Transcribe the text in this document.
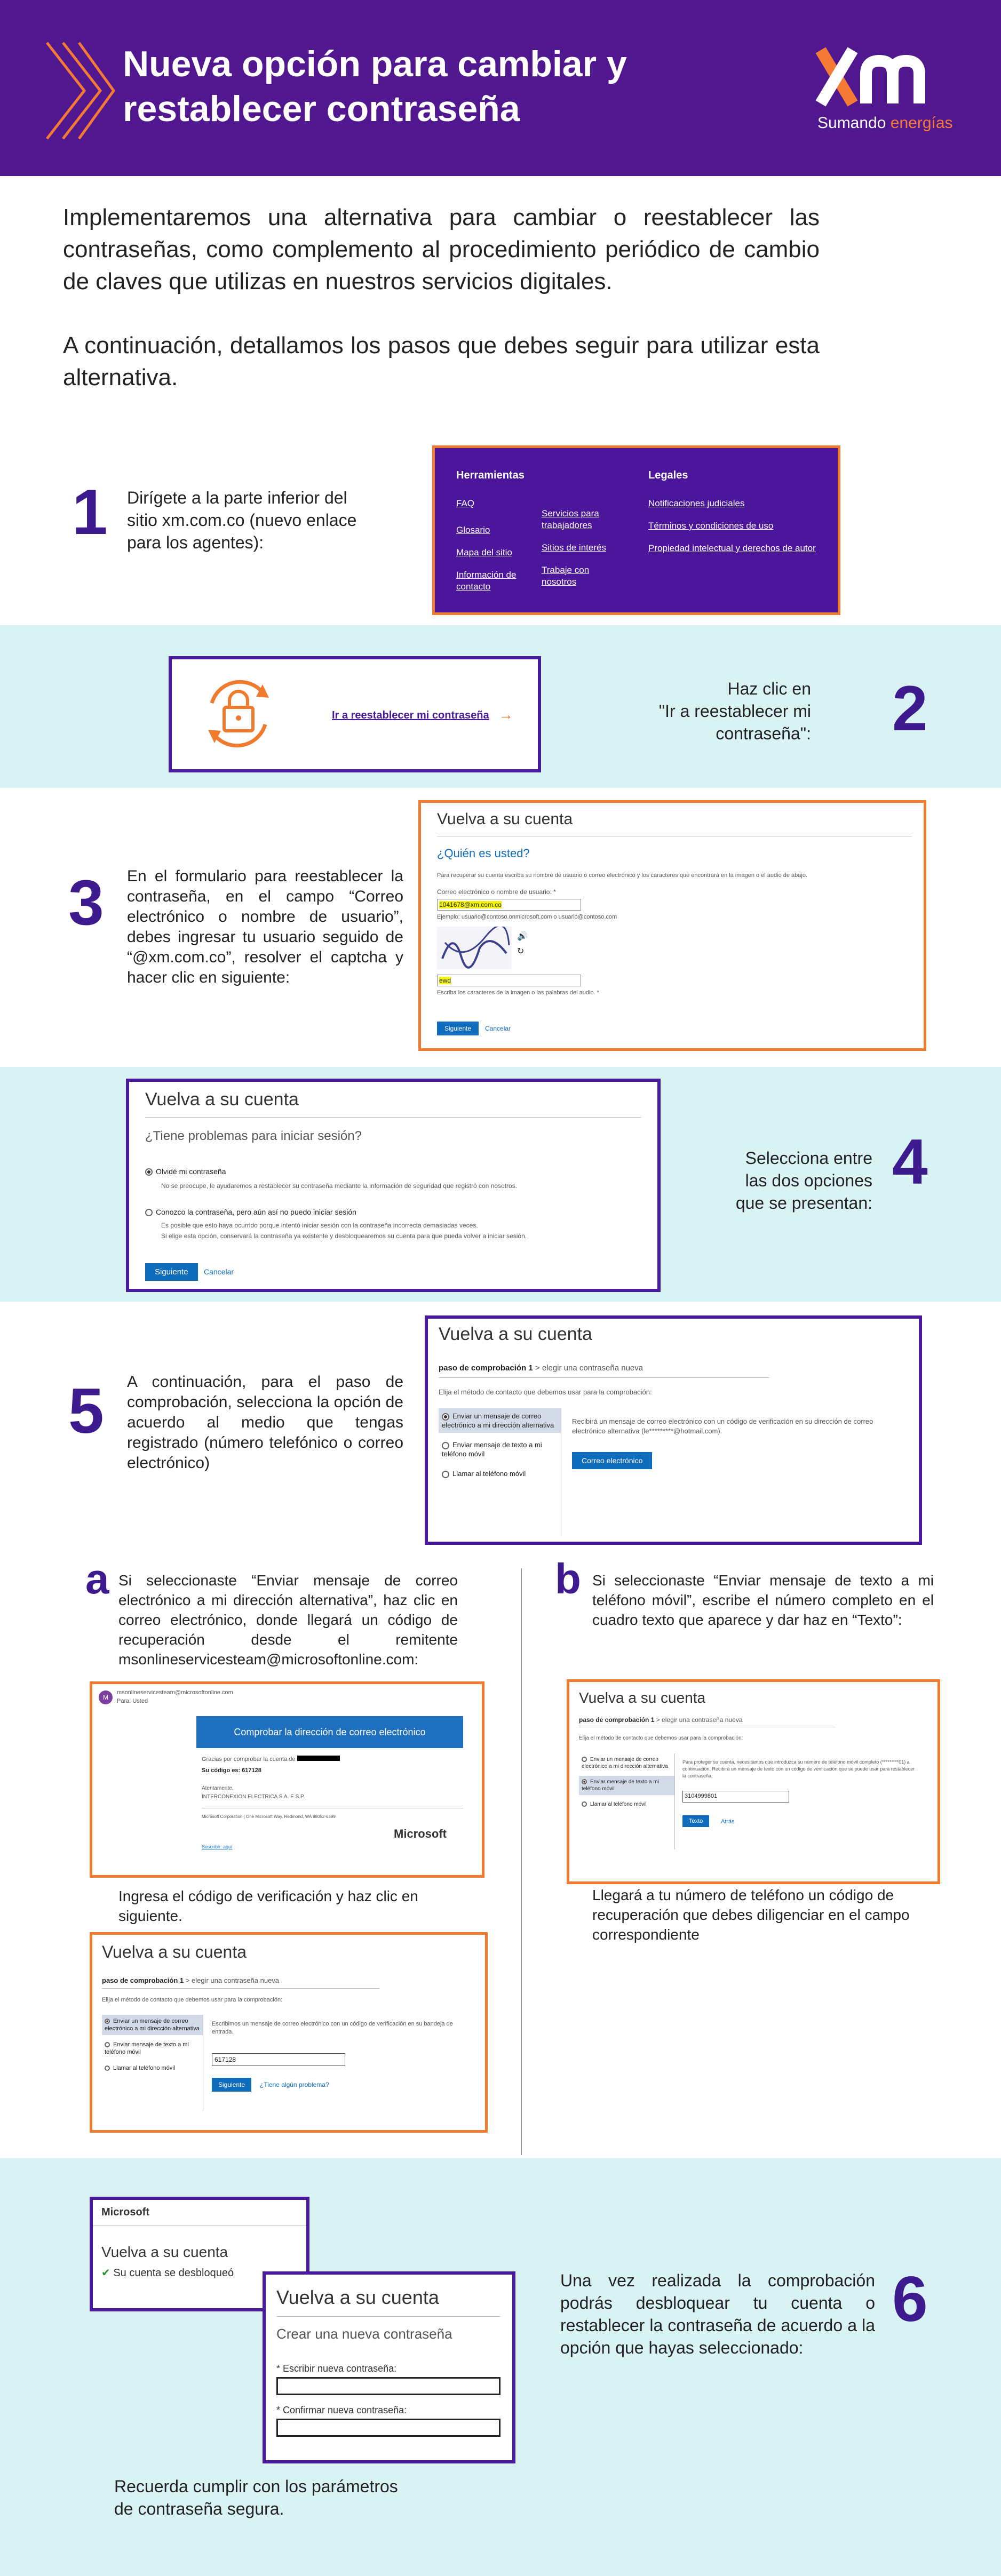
Nueva opción para cambiar y
restablecer contraseña	Sumando energías

Implementaremos una alternativa para cambiar o reestablecer las contraseñas, como complemento al procedimiento periódico de cambio de claves que utilizas en nuestros servicios digitales.

A continuación, detallamos los pasos que debes seguir para utilizar esta alternativa.

1 Dirígete a la parte inferior del sitio xm.com.co (nuevo enlace para los agentes):
Herramientas
FAQ
Glosario
Mapa del sitio
Información de contacto
Servicios para trabajadores
Sitios de interés
Trabaje con nosotros
Legales
Notificaciones judiciales
Términos y condiciones de uso
Propiedad intelectual y derechos de autor
Ir a reestablecer mi contraseña →
Haz clic en
"Ir a reestablecer mi contraseña": 2
3 En el formulario para reestablecer la contraseña, en el campo “Correo electrónico o nombre de usuario”, debes ingresar tu usuario seguido de “@xm.com.co”, resolver el captcha y hacer clic en siguiente:
Vuelva a su cuenta
¿Quién es usted?
Para recuperar su cuenta escriba su nombre de usuario o correo electrónico y los caracteres que encontrará en la imagen o el audio de abajo.
Correo electrónico o nombre de usuario: *
1041678@xm.com.co
Ejemplo: usuario@contoso.onmicrosoft.com o usuario@contoso.com
🔊
↻
ewd
Escriba los caracteres de la imagen o las palabras del audio. *
Siguiente	Cancelar
Vuelva a su cuenta
¿Tiene problemas para iniciar sesión?
Olvidé mi contraseña
No se preocupe, le ayudaremos a restablecer su contraseña mediante la información de seguridad que registró con nosotros.
Conozco la contraseña, pero aún así no puedo iniciar sesión
Es posible que esto haya ocurrido porque intentó iniciar sesión con la contraseña incorrecta demasiadas veces.
Si elige esta opción, conservará la contraseña ya existente y desbloquearemos su cuenta para que pueda volver a iniciar sesión.
Siguiente	Cancelar
Selecciona entre
las dos opciones
que se presentan:
4
5 A continuación, para el paso de comprobación, selecciona la opción de acuerdo al medio que tengas registrado (número telefónico o correo electrónico)
Vuelva a su cuenta
paso de comprobación 1 > elegir una contraseña nueva
Elija el método de contacto que debemos usar para la comprobación:
Enviar un mensaje de correo electrónico a mi dirección alternativa
Enviar mensaje de texto a mi teléfono móvil
Llamar al teléfono móvil
Recibirá un mensaje de correo electrónico con un código de verificación en su dirección de correo electrónico alternativa (le*********@hotmail.com).
Correo electrónico
a Si seleccionaste “Enviar mensaje de correo electrónico a mi dirección alternativa”, haz clic en correo electrónico, donde llegará un código de recuperación desde el remitente msonlineservicesteam@microsoftonline.com:
M
msonlineservicesteam@microsoftonline.com
Para: Usted
Comprobar la dirección de correo electrónico
Gracias por comprobar la cuenta de
Su código es: 617128
Atentamente,
INTERCONEXION ELECTRICA S.A. E.S.P.
Microsoft Corporation | One Microsoft Way, Redmond, WA 98052-6399
Microsoft
Suscribir: aquí
Ingresa el código de verificación y haz clic en siguiente.
Vuelva a su cuenta
paso de comprobación 1 > elegir una contraseña nueva
Elija el método de contacto que debemos usar para la comprobación:
Enviar un mensaje de correo electrónico a mi dirección alternativa
Enviar mensaje de texto a mi teléfono móvil
Llamar al teléfono móvil
Escribimos un mensaje de correo electrónico con un código de verificación en su bandeja de entrada.
617128
Siguiente	¿Tiene algún problema?
b Si seleccionaste “Enviar mensaje de texto a mi teléfono móvil”, escribe el número completo en el cuadro texto que aparece y dar haz en “Texto”:
Vuelva a su cuenta
paso de comprobación 1 > elegir una contraseña nueva
Elija el método de contacto que debemos usar para la comprobación:
Enviar un mensaje de correo electrónico a mi dirección alternativa
Enviar mensaje de texto a mi teléfono móvil
Llamar al teléfono móvil
Para proteger su cuenta, necesitamos que introduzca su número de teléfono móvil completo (*********01) a continuación. Recibirá un mensaje de texto con un código de verificación que se puede usar para restablecer la contraseña.
3104999801
Texto	Atrás
Llegará a tu número de teléfono un código de recuperación que debes diligenciar en el campo correspondiente
Microsoft
Vuelva a su cuenta
✔ Su cuenta se desbloqueó
Vuelva a su cuenta
Crear una nueva contraseña
* Escribir nueva contraseña:
* Confirmar nueva contraseña:
Una vez realizada la comprobación podrás desbloquear tu cuenta o restablecer la contraseña de acuerdo a la opción que hayas seleccionado:
6
Recuerda cumplir con los parámetros
de contraseña segura.
